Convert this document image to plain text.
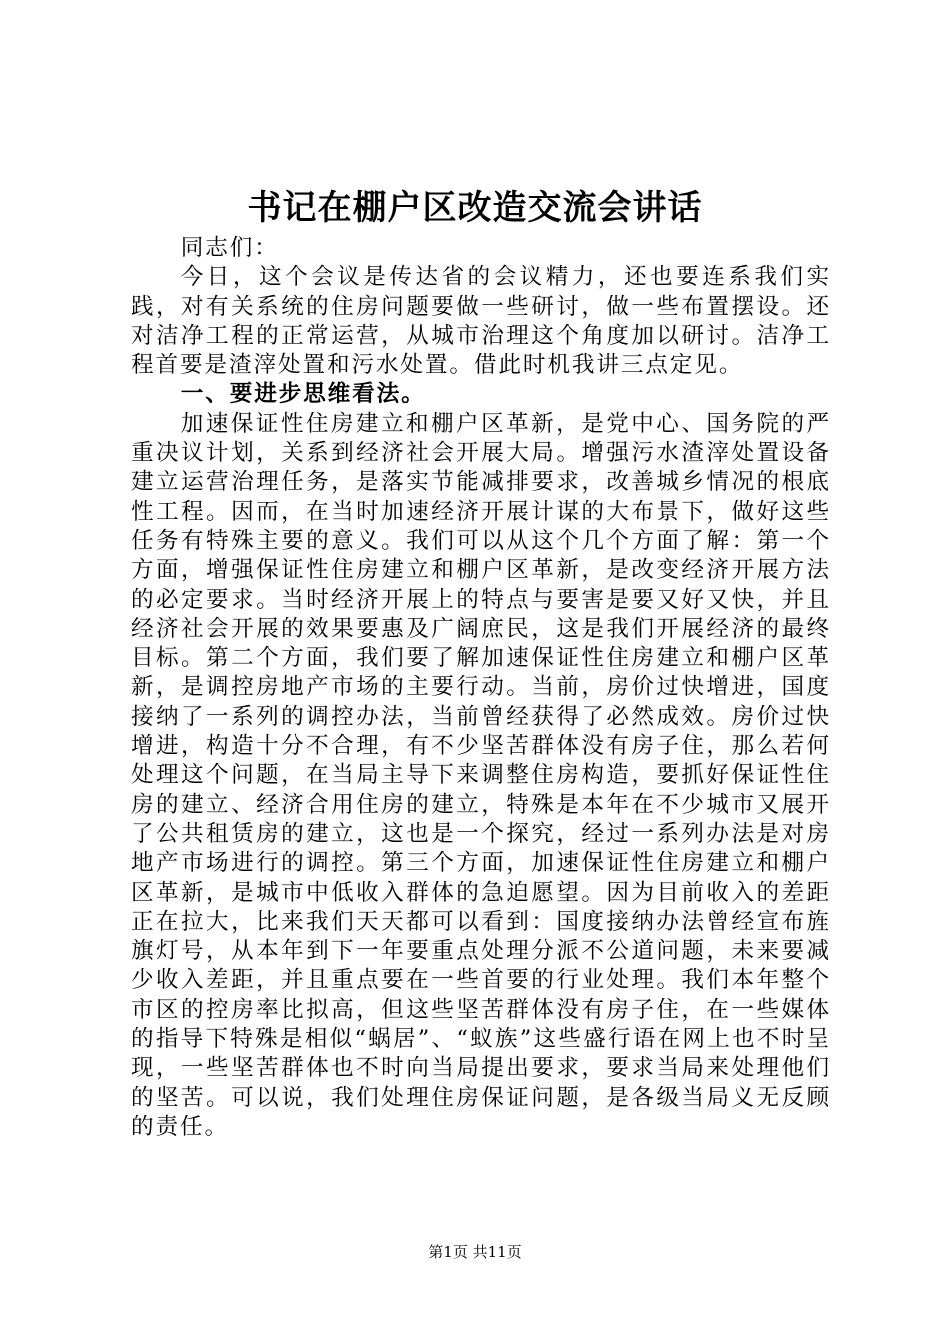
书记在棚户区改造交流会讲话

同志们：

今日，这个会议是传达省的会议精力，还也要连系我们实践，对有关系统的住房问题要做一些研讨，做一些布置摆设。还对洁净工程的正常运营，从城市治理这个角度加以研讨。洁净工程首要是渣滓处置和污水处置。借此时机我讲三点定见。

一、要进步思维看法。

加速保证性住房建立和棚户区革新，是党中心、国务院的严重决议计划，关系到经济社会开展大局。增强污水渣滓处置设备建立运营治理任务，是落实节能减排要求，改善城乡情况的根底性工程。因而，在当时加速经济开展计谋的大布景下，做好这些任务有特殊主要的意义。我们可以从这个几个方面了解：第一个方面，增强保证性住房建立和棚户区革新，是改变经济开展方法的必定要求。当时经济开展上的特点与要害是要又好又快，并且经济社会开展的效果要惠及广阔庶民，这是我们开展经济的最终目标。第二个方面，我们要了解加速保证性住房建立和棚户区革新，是调控房地产市场的主要行动。当前，房价过快增进，国度接纳了一系列的调控办法，当前曾经获得了必然成效。房价过快增进，构造十分不合理，有不少坚苦群体没有房子住，那么若何处理这个问题，在当局主导下来调整住房构造，要抓好保证性住房的建立、经济合用住房的建立，特殊是本年在不少城市又展开了公共租赁房的建立，这也是一个探究，经过一系列办法是对房地产市场进行的调控。第三个方面，加速保证性住房建立和棚户区革新，是城市中低收入群体的急迫愿望。因为目前收入的差距正在拉大，比来我们天天都可以看到：国度接纳办法曾经宣布旌旗灯号，从本年到下一年要重点处理分派不公道问题，未来要减少收入差距，并且重点要在一些首要的行业处理。我们本年整个市区的控房率比拟高，但这些坚苦群体没有房子住，在一些媒体的指导下特殊是相似“蜗居”、“蚁族”这些盛行语在网上也不时呈现，一些坚苦群体也不时向当局提出要求，要求当局来处理他们的坚苦。可以说，我们处理住房保证问题，是各级当局义无反顾的责任。

第1页 共11页
